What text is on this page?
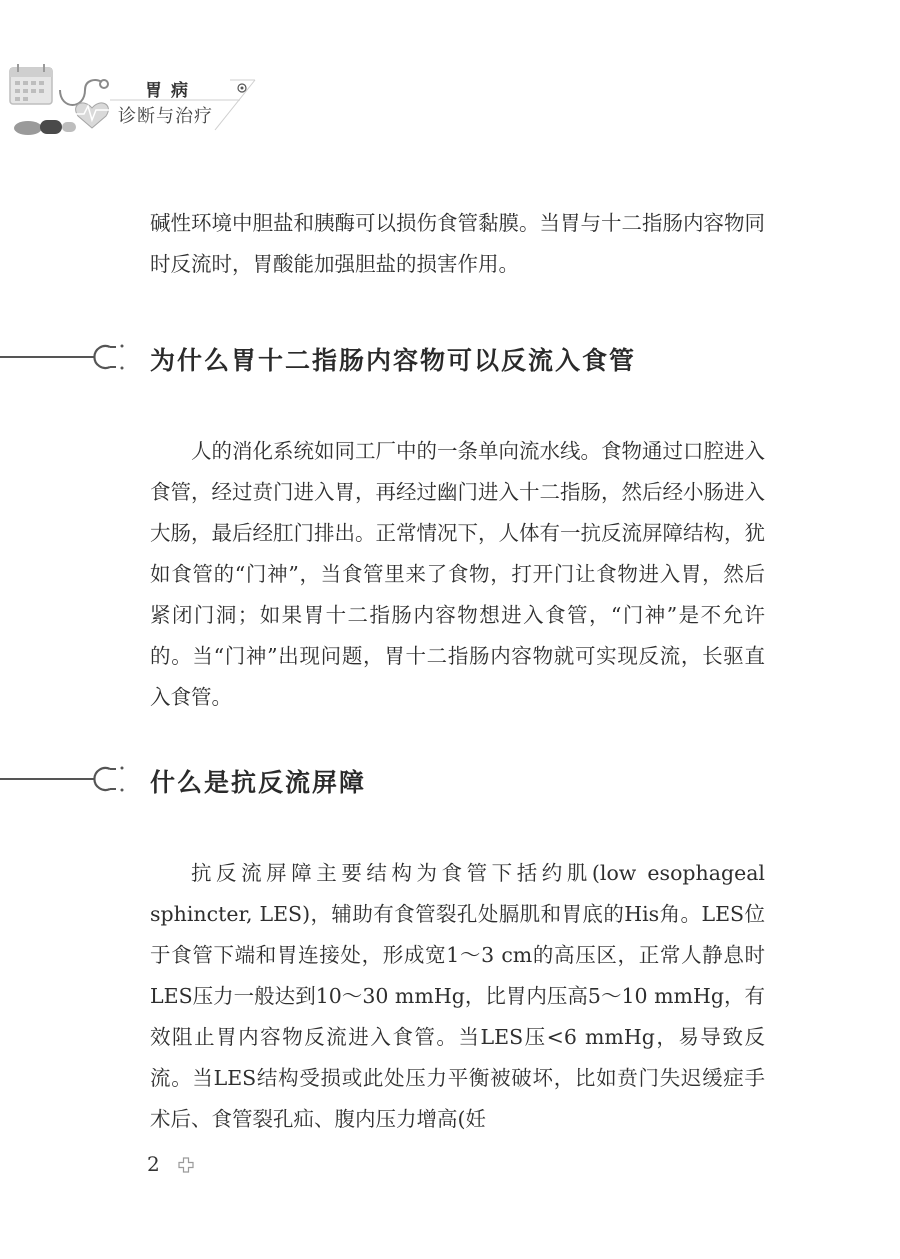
胃病
诊断与治疗

碱性环境中胆盐和胰酶可以损伤食管黏膜。当胃与十二指肠内容物同时反流时，胃酸能加强胆盐的损害作用。

为什么胃十二指肠内容物可以反流入食管

人的消化系统如同工厂中的一条单向流水线。食物通过口腔进入食管，经过贲门进入胃，再经过幽门进入十二指肠，然后经小肠进入大肠，最后经肛门排出。正常情况下，人体有一抗反流屏障结构，犹如食管的“门神”，当食管里来了食物，打开门让食物进入胃，然后紧闭门洞；如果胃十二指肠内容物想进入食管，“门神”是不允许的。当“门神”出现问题，胃十二指肠内容物就可实现反流，长驱直入食管。

什么是抗反流屏障

抗反流屏障主要结构为食管下括约肌(low esophageal sphincter, LES)，辅助有食管裂孔处膈肌和胃底的His角。LES位于食管下端和胃连接处，形成宽1～3 cm的高压区，正常人静息时LES压力一般达到10～30 mmHg，比胃内压高5～10 mmHg，有效阻止胃内容物反流进入食管。当LES压<6 mmHg，易导致反流。当LES结构受损或此处压力平衡被破坏，比如贲门失迟缓症手术后、食管裂孔疝、腹内压力增高(妊

2
